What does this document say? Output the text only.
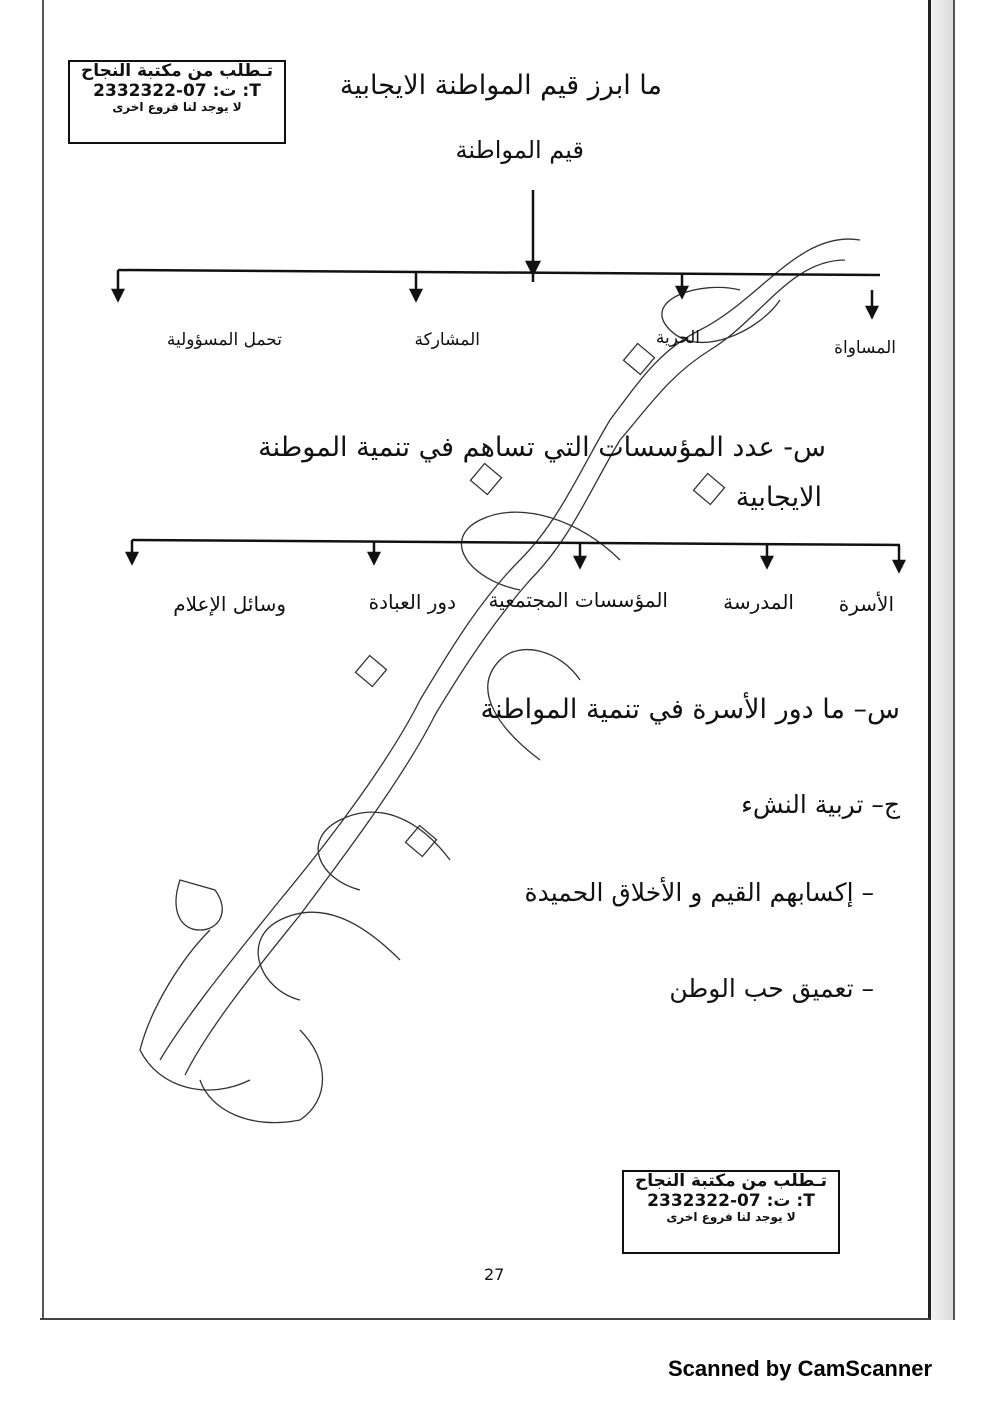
تـطلب من مكتبة النجاح
ت: 07-2332322 :T
لا يوجد لنا فروع اخرى
ما ابرز قيم المواطنة الايجابية
قيم المواطنة
المساواة
الحرية
المشاركة
تحمل المسؤولية
س- عدد المؤسسات التي تساهم في تنمية الموطنة
الايجابية
الأسرة
المدرسة
المؤسسات المجتمعية
دور العبادة
وسائل الإعلام
س– ما دور الأسرة في تنمية المواطنة
ج– تربية النشء
– إكسابهم القيم و الأخلاق الحميدة
– تعميق حب الوطن
تـطلب من مكتبة النجاح
ت: 07-2332322 :T
لا يوجد لنا فروع اخرى
27
Scanned by CamScanner
